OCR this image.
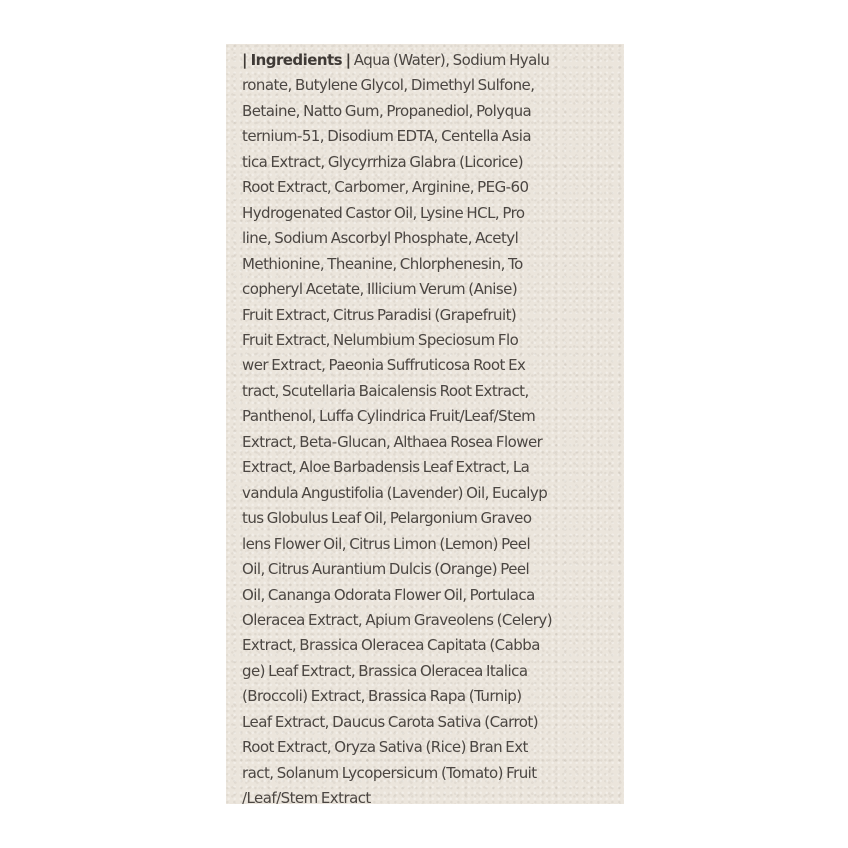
| Ingredients | Aqua (Water), Sodium Hyalu
ronate, Butylene Glycol, Dimethyl Sulfone,
Betaine, Natto Gum, Propanediol, Polyqua
ternium-51, Disodium EDTA, Centella Asia
tica Extract, Glycyrrhiza Glabra (Licorice)
Root Extract, Carbomer, Arginine, PEG-60
Hydrogenated Castor Oil, Lysine HCL, Pro
line, Sodium Ascorbyl Phosphate, Acetyl
Methionine, Theanine, Chlorphenesin, To
copheryl Acetate, Illicium Verum (Anise)
Fruit Extract, Citrus Paradisi (Grapefruit)
Fruit Extract, Nelumbium Speciosum Flo
wer Extract, Paeonia Suffruticosa Root Ex
tract, Scutellaria Baicalensis Root Extract,
Panthenol, Luffa Cylindrica Fruit/Leaf/Stem
Extract, Beta-Glucan, Althaea Rosea Flower
Extract, Aloe Barbadensis Leaf Extract, La
vandula Angustifolia (Lavender) Oil, Eucalyp
tus Globulus Leaf Oil, Pelargonium Graveo
lens Flower Oil, Citrus Limon (Lemon) Peel
Oil, Citrus Aurantium Dulcis (Orange) Peel
Oil, Cananga Odorata Flower Oil, Portulaca
Oleracea Extract, Apium Graveolens (Celery)
Extract, Brassica Oleracea Capitata (Cabba
ge) Leaf Extract, Brassica Oleracea Italica
(Broccoli) Extract, Brassica Rapa (Turnip)
Leaf Extract, Daucus Carota Sativa (Carrot)
Root Extract, Oryza Sativa (Rice) Bran Ext
ract, Solanum Lycopersicum (Tomato) Fruit
/Leaf/Stem Extract
